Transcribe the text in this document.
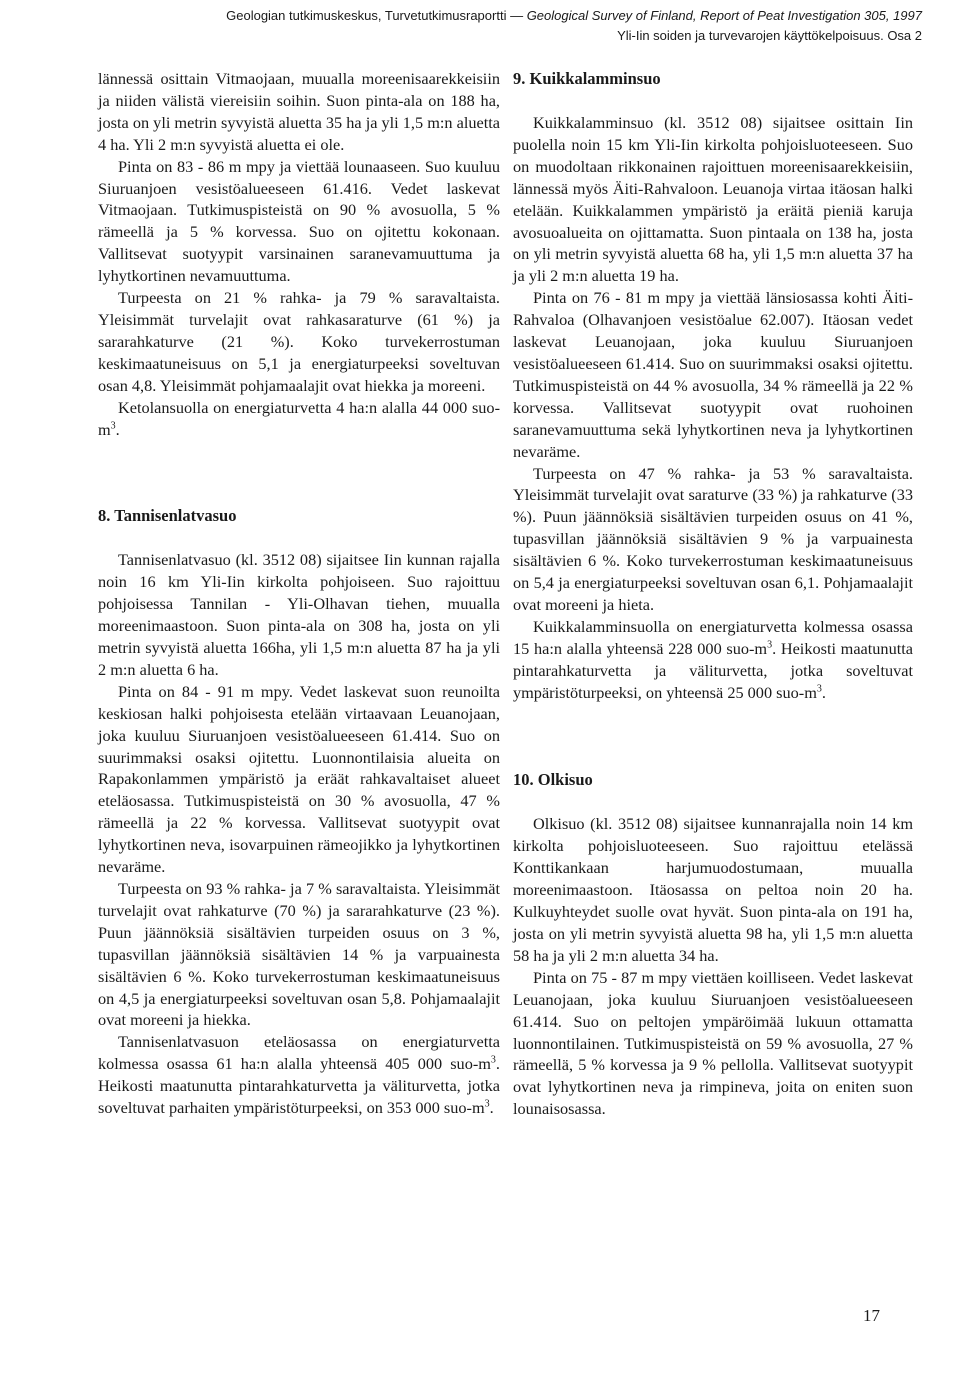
Geologian tutkimuskeskus, Turvetutkimusraportti — Geological Survey of Finland, Report of Peat Investigation 305, 1997
Yli-Iin soiden ja turvevarojen käyttökelpoisuus. Osa 2

lännessä osittain Vitmaojaan, muualla moreenisaarekkeisiin ja niiden välistä viereisiin soihin. Suon pinta-ala on 188 ha, josta on yli metrin syvyistä aluetta 35 ha ja yli 1,5 m:n aluetta 4 ha. Yli 2 m:n syvyistä aluetta ei ole.

Pinta on 83 - 86 m mpy ja viettää lounaaseen. Suo kuuluu Siuruanjoen vesistöalueeseen 61.416. Vedet laskevat Vitmaojaan. Tutkimuspisteistä on 90 % avosuolla, 5 % rämeellä ja 5 % korvessa. Suo on ojitettu kokonaan. Vallitsevat suotyypit varsinainen saranevamuuttuma ja lyhytkortinen nevamuuttuma.

Turpeesta on 21 % rahka- ja 79 % saravaltaista. Yleisimmät turvelajit ovat rahkasaraturve (61 %) ja sararahkaturve (21 %). Koko turvekerrostuman keskimaatuneisuus on 5,1 ja energiaturpeeksi soveltuvan osan 4,8. Yleisimmät pohjamaalajit ovat hiekka ja moreeni.

Ketolansuolla on energiaturvetta 4 ha:n alalla 44 000 suo-$m^3$.

8. Tannisenlatvasuo

Tannisenlatvasuo (kl. 3512 08) sijaitsee Iin kunnan rajalla noin 16 km Yli-Iin kirkolta pohjoiseen. Suo rajoittuu pohjoisessa Tannilan - Yli-Olhavan tiehen, muualla moreenimaastoon. Suon pinta-ala on 308 ha, josta on yli metrin syvyistä aluetta 166ha, yli 1,5 m:n aluetta 87 ha ja yli 2 m:n aluetta 6 ha.

Pinta on 84 - 91 m mpy. Vedet laskevat suon reunoilta keskiosan halki pohjoisesta etelään virtaavaan Leuanojaan, joka kuuluu Siuruanjoen vesistöalueeseen 61.414. Suo on suurimmaksi osaksi ojitettu. Luonnontilaisia alueita on Rapakonlammen ympäristö ja eräät rahkavaltaiset alueet eteläosassa. Tutkimuspisteistä on 30 % avosuolla, 47 % rämeellä ja 22 % korvessa. Vallitsevat suotyypit ovat lyhytkortinen neva, isovarpuinen rämeojikko ja lyhytkortinen nevaräme.

Turpeesta on 93 % rahka- ja 7 % saravaltaista. Yleisimmät turvelajit ovat rahkaturve (70 %) ja sararahkaturve (23 %). Puun jäännöksiä sisältävien turpeiden osuus on 3 %, tupasvillan jäännöksiä sisältävien 14 % ja varpuainesta sisältävien 6 %. Koko turvekerrostuman keskimaatuneisuus on 4,5 ja energiaturpeeksi soveltuvan osan 5,8. Pohjamaalajit ovat moreeni ja hiekka.

Tannisenlatvasuon eteläosassa on energiaturvetta kolmessa osassa 61 ha:n alalla yhteensä 405 000 suo-$m^3$. Heikosti maatunutta pintarahkaturvetta ja väliturvetta, jotka soveltuvat parhaiten ympäristöturpeeksi, on 353 000 suo-$m^3$.

9. Kuikkalamminsuo

Kuikkalamminsuo (kl. 3512 08) sijaitsee osittain Iin puolella noin 15 km Yli-Iin kirkolta pohjoisluoteeseen. Suo on muodoltaan rikkonainen rajoittuen moreenisaarekkeisiin, lännessä myös Äiti-Rahvaloon. Leuanoja virtaa itäosan halki etelään. Kuikkalammen ympäristö ja eräitä pieniä karuja avosuoalueita on ojittamatta. Suon pintaala on 138 ha, josta on yli metrin syvyistä aluetta 68 ha, yli 1,5 m:n aluetta 37 ha ja yli 2 m:n aluetta 19 ha.

Pinta on 76 - 81 m mpy ja viettää länsiosassa kohti Äiti-Rahvaloa (Olhavanjoen vesistöalue 62.007). Itäosan vedet laskevat Leuanojaan, joka kuuluu Siuruanjoen vesistöalueeseen 61.414. Suo on suurimmaksi osaksi ojitettu. Tutkimuspisteistä on 44 % avosuolla, 34 % rämeellä ja 22 % korvessa. Vallitsevat suotyypit ovat ruohoinen saranevamuuttuma sekä lyhytkortinen neva ja lyhytkortinen nevaräme.

Turpeesta on 47 % rahka- ja 53 % saravaltaista. Yleisimmät turvelajit ovat saraturve (33 %) ja rahkaturve (33 %). Puun jäännöksiä sisältävien turpeiden osuus on 41 %, tupasvillan jäännöksiä sisältävien 9 % ja varpuainesta sisältävien 6 %. Koko turvekerrostuman keskimaatuneisuus on 5,4 ja energiaturpeeksi soveltuvan osan 6,1. Pohjamaalajit ovat moreeni ja hieta.

Kuikkalamminsuolla on energiaturvetta kolmessa osassa 15 ha:n alalla yhteensä 228 000 suo-$m^3$. Heikosti maatunutta pintarahkaturvetta ja väliturvetta, jotka soveltuvat ympäristöturpeeksi, on yhteensä 25 000 suo-$m^3$.

10. Olkisuo

Olkisuo (kl. 3512 08) sijaitsee kunnanrajalla noin 14 km kirkolta pohjoisluoteeseen. Suo rajoittuu etelässä Konttikankaan harjumuodostumaan, muualla moreenimaastoon. Itäosassa on peltoa noin 20 ha. Kulkuyhteydet suolle ovat hyvät. Suon pinta-ala on 191 ha, josta on yli metrin syvyistä aluetta 98 ha, yli 1,5 m:n aluetta 58 ha ja yli 2 m:n aluetta 34 ha.

Pinta on 75 - 87 m mpy viettäen koilliseen. Vedet laskevat Leuanojaan, joka kuuluu Siuruanjoen vesistöalueeseen 61.414. Suo on peltojen ympäröimää lukuun ottamatta luonnontilainen. Tutkimuspisteistä on 59 % avosuolla, 27 % rämeellä, 5 % korvessa ja 9 % pellolla. Vallitsevat suotyypit ovat lyhytkortinen neva ja rimpineva, joita on eniten suon lounaisosassa.

17
